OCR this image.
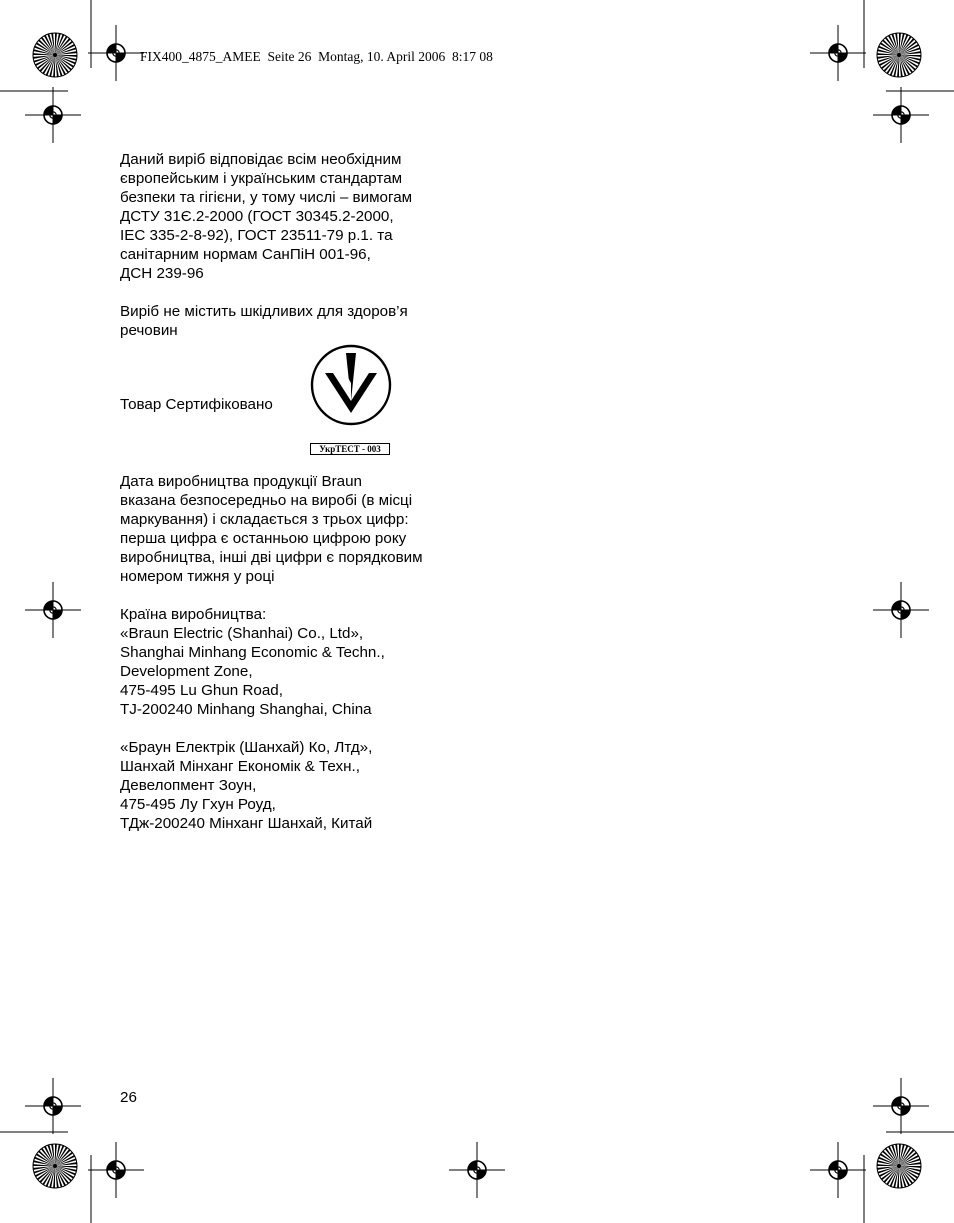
FIX400_4875_AMEE  Seite 26  Montag, 10. April 2006  8:17 08

Даний виріб відповідає всім необхідним
європейським і українським стандартам
безпеки та гігієни, у тому числі – вимогам
ДСТУ 31Є.2-2000 (ГОСТ 30345.2-2000,
IEC 335-2-8-92), ГОСТ 23511-79 р.1. та
санітарним нормам СанПіН 001-96,
ДСН 239-96

Виріб не містить шкідливих для здоров’я
речовин

Товар Сертифіковано
УкрТЕСТ - 003

Дата виробництва продукції Braun
вказана безпосередньо на виробі (в місці
маркування) і складається з трьох цифр:
перша цифра є останньою цифрою року
виробництва, інші дві цифри є порядковим
номером тижня у році

Країна виробництва:
«Braun Electric (Shanhai) Co., Ltd»,
Shanghai Minhang Economic & Techn.,
Development Zone,
475-495 Lu Ghun Road,
TJ-200240 Minhang Shanghai, China

«Браун Електрік (Шанхай) Ко, Лтд»,
Шанхай Мінханг Економік & Техн.,
Девелопмент Зоун,
475-495 Лу Гхун Роуд,
ТДж-200240 Мінханг Шанхай, Китай

26
